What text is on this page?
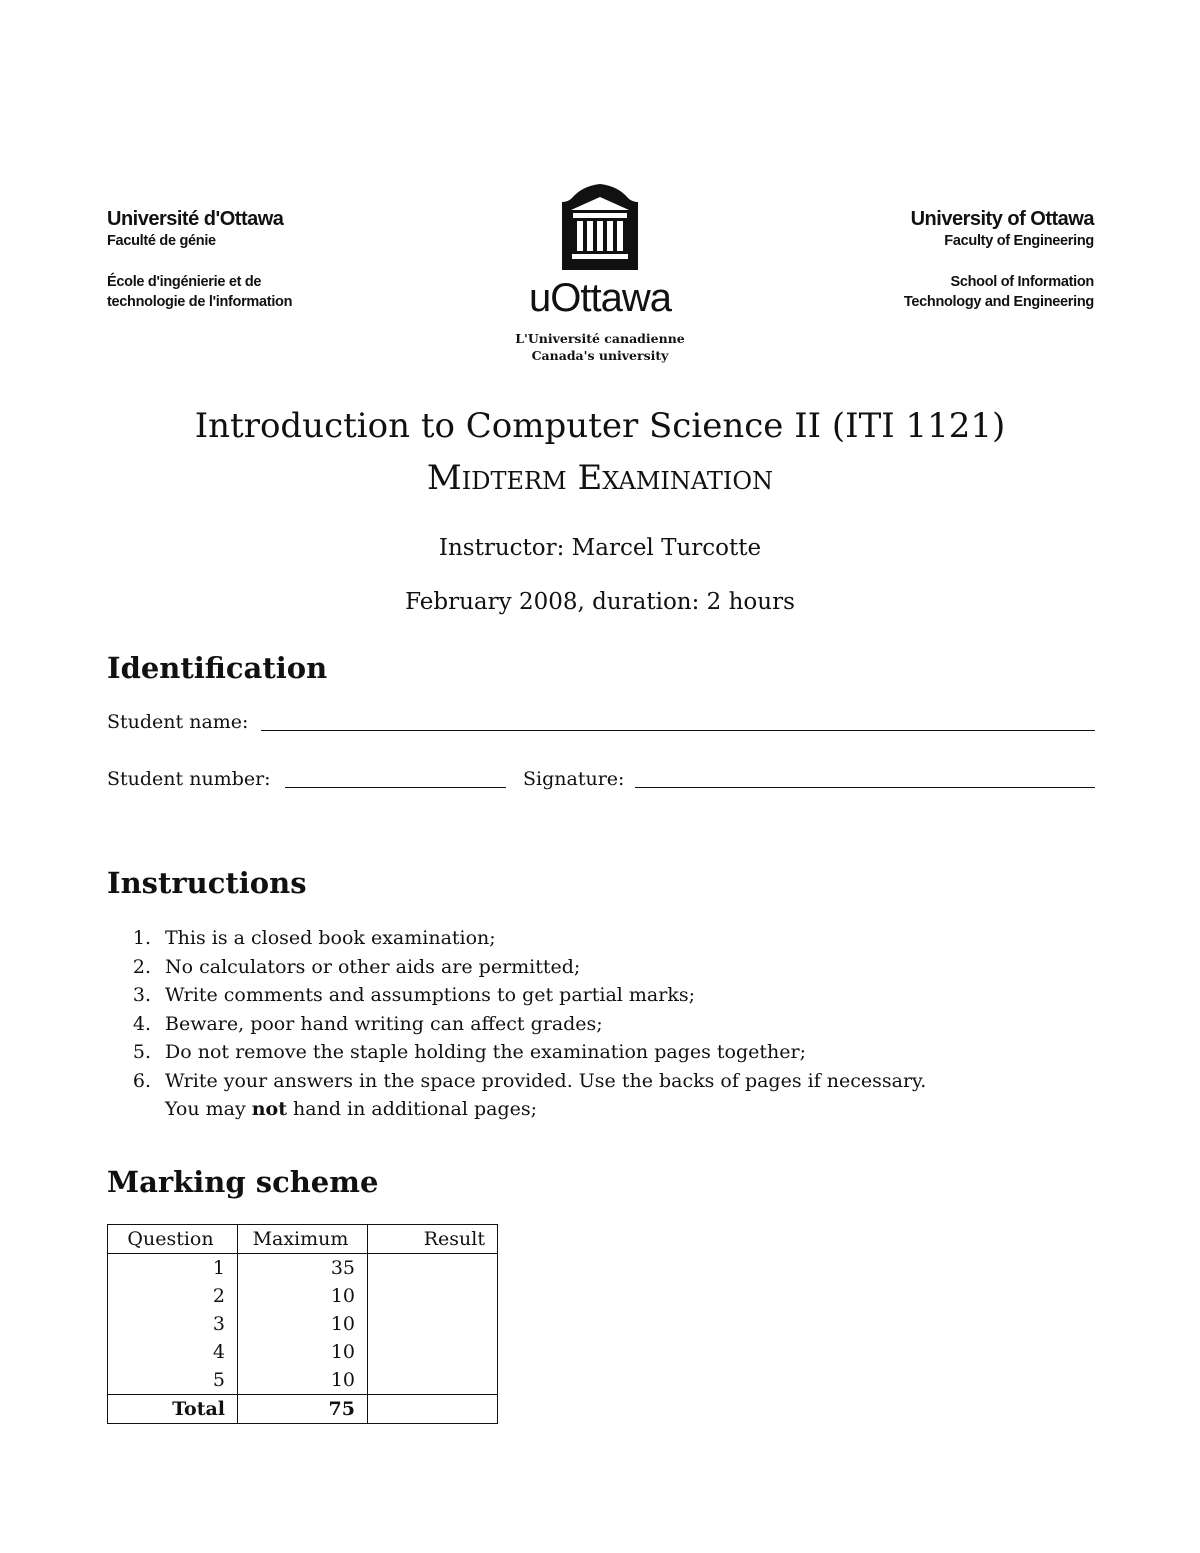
Université d'Ottawa
Faculté de génie
École d'ingénierie et de
technologie de l'information	uOttawa
L'Université canadienne
Canada's university
University of Ottawa
Faculty of Engineering
School of Information
Technology and Engineering
Introduction to Computer Science II (ITI 1121)
Midterm Examination
Instructor: Marcel Turcotte
February 2008, duration: 2 hours
Identification
Student name:
Student number:	Signature:
Instructions
1. This is a closed book examination;
2. No calculators or other aids are permitted;
3. Write comments and assumptions to get partial marks;
4. Beware, poor hand writing can affect grades;
5. Do not remove the staple holding the examination pages together;
6. Write your answers in the space provided. Use the backs of pages if necessary.
You may not hand in additional pages;
Marking scheme
Question	Maximum	Result
1	35	
2	10	
3	10	
4	10	
5	10	
Total	75	
